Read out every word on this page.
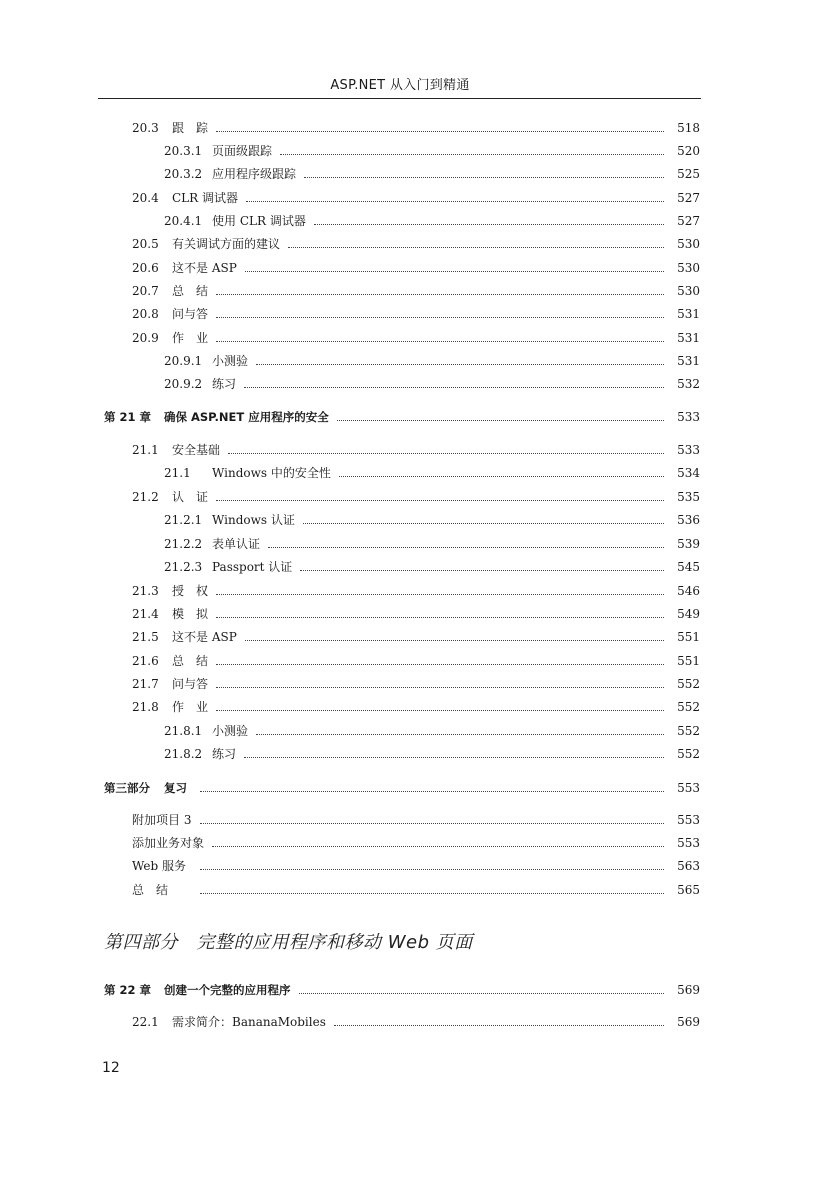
ASP.NET 从入门到精通
20.3 跟　踪	518
20.3.1 页面级跟踪	520
20.3.2 应用程序级跟踪	525
20.4 CLR 调试器	527
20.4.1 使用 CLR 调试器	527
20.5 有关调试方面的建议	530
20.6 这不是 ASP	530
20.7 总　结	530
20.8 问与答	531
20.9 作　业	531
20.9.1 小测验	531
20.9.2 练习	532
第 21 章 确保 ASP.NET 应用程序的安全	533
21.1 安全基础	533
21.1 Windows 中的安全性	534
21.2 认　证	535
21.2.1 Windows 认证	536
21.2.2 表单认证	539
21.2.3 Passport 认证	545
21.3 授　权	546
21.4 模　拟	549
21.5 这不是 ASP	551
21.6 总　结	551
21.7 问与答	552
21.8 作　业	552
21.8.1 小测验	552
21.8.2 练习	552
第三部分 复习	553
附加项目 3	553
添加业务对象	553
Web 服务	563
总　结	565
第 22 章 创建一个完整的应用程序	569
22.1 需求简介：BananaMobiles	569
第四部分　完整的应用程序和移动 Web 页面
12
